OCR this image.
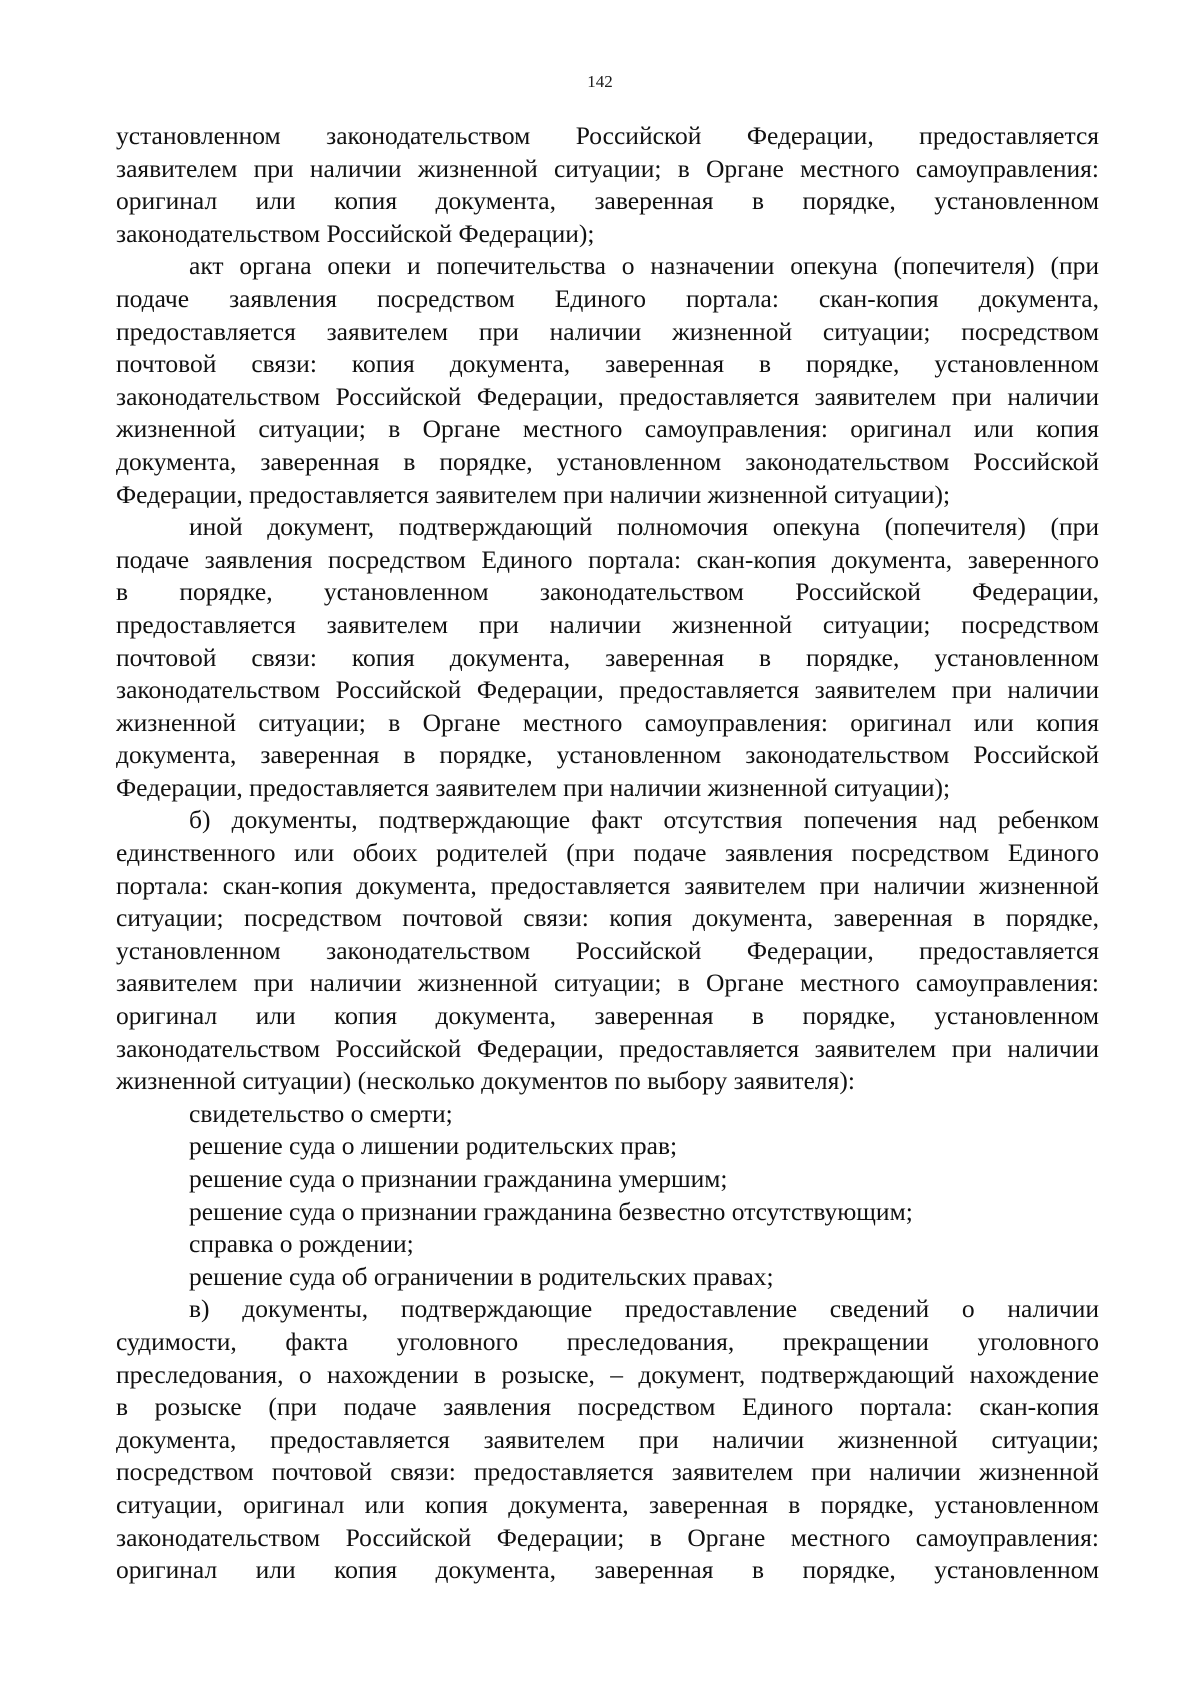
142
установленном законодательством Российской Федерации, предоставляется
заявителем при наличии жизненной ситуации; в Органе местного самоуправления:
оригинал или копия документа, заверенная в порядке, установленном
законодательством Российской Федерации);
акт органа опеки и попечительства о назначении опекуна (попечителя) (при
подаче заявления посредством Единого портала: скан-копия документа,
предоставляется заявителем при наличии жизненной ситуации; посредством
почтовой связи: копия документа, заверенная в порядке, установленном
законодательством Российской Федерации, предоставляется заявителем при наличии
жизненной ситуации; в Органе местного самоуправления: оригинал или копия
документа, заверенная в порядке, установленном законодательством Российской
Федерации, предоставляется заявителем при наличии жизненной ситуации);
иной документ, подтверждающий полномочия опекуна (попечителя) (при
подаче заявления посредством Единого портала: скан-копия документа, заверенного
в порядке, установленном законодательством Российской Федерации,
предоставляется заявителем при наличии жизненной ситуации; посредством
почтовой связи: копия документа, заверенная в порядке, установленном
законодательством Российской Федерации, предоставляется заявителем при наличии
жизненной ситуации; в Органе местного самоуправления: оригинал или копия
документа, заверенная в порядке, установленном законодательством Российской
Федерации, предоставляется заявителем при наличии жизненной ситуации);
б) документы, подтверждающие факт отсутствия попечения над ребенком
единственного или обоих родителей (при подаче заявления посредством Единого
портала: скан-копия документа, предоставляется заявителем при наличии жизненной
ситуации; посредством почтовой связи: копия документа, заверенная в порядке,
установленном законодательством Российской Федерации, предоставляется
заявителем при наличии жизненной ситуации; в Органе местного самоуправления:
оригинал или копия документа, заверенная в порядке, установленном
законодательством Российской Федерации, предоставляется заявителем при наличии
жизненной ситуации) (несколько документов по выбору заявителя):
свидетельство о смерти;
решение суда о лишении родительских прав;
решение суда о признании гражданина умершим;
решение суда о признании гражданина безвестно отсутствующим;
справка о рождении;
решение суда об ограничении в родительских правах;
в) документы, подтверждающие предоставление сведений о наличии
судимости, факта уголовного преследования, прекращении уголовного
преследования, о нахождении в розыске, – документ, подтверждающий нахождение
в розыске (при подаче заявления посредством Единого портала: скан-копия
документа, предоставляется заявителем при наличии жизненной ситуации;
посредством почтовой связи: предоставляется заявителем при наличии жизненной
ситуации, оригинал или копия документа, заверенная в порядке, установленном
законодательством Российской Федерации; в Органе местного самоуправления:
оригинал или копия документа, заверенная в порядке, установленном
